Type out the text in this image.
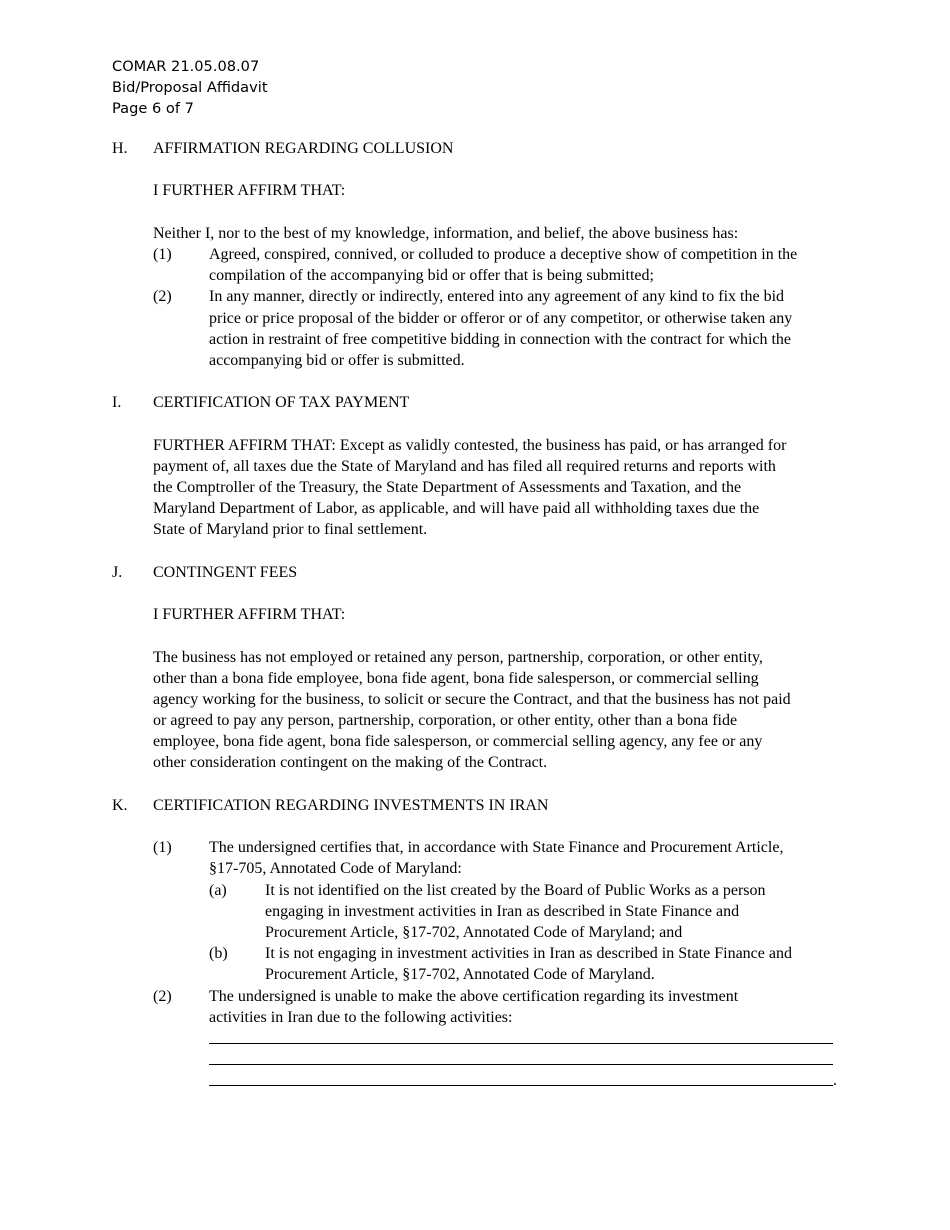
COMAR 21.05.08.07
Bid/Proposal Affidavit
Page 6 of 7
H.	AFFIRMATION REGARDING COLLUSION
I FURTHER AFFIRM THAT:
Neither I, nor to the best of my knowledge, information, and belief, the above business has:
(1)	Agreed, conspired, connived, or colluded to produce a deceptive show of competition in the
compilation of the accompanying bid or offer that is being submitted;
(2)	In any manner, directly or indirectly, entered into any agreement of any kind to fix the bid
price or price proposal of the bidder or offeror or of any competitor, or otherwise taken any
action in restraint of free competitive bidding in connection with the contract for which the
accompanying bid or offer is submitted.
I.	CERTIFICATION OF TAX PAYMENT
FURTHER AFFIRM THAT: Except as validly contested, the business has paid, or has arranged for
payment of, all taxes due the State of Maryland and has filed all required returns and reports with
the Comptroller of the Treasury, the State Department of Assessments and Taxation, and the
Maryland Department of Labor, as applicable, and will have paid all withholding taxes due the
State of Maryland prior to final settlement.
J.	CONTINGENT FEES
I FURTHER AFFIRM THAT:
The business has not employed or retained any person, partnership, corporation, or other entity,
other than a bona fide employee, bona fide agent, bona fide salesperson, or commercial selling
agency working for the business, to solicit or secure the Contract, and that the business has not paid
or agreed to pay any person, partnership, corporation, or other entity, other than a bona fide
employee, bona fide agent, bona fide salesperson, or commercial selling agency, any fee or any
other consideration contingent on the making of the Contract.
K.	CERTIFICATION REGARDING INVESTMENTS IN IRAN
(1)	The undersigned certifies that, in accordance with State Finance and Procurement Article,
§17-705, Annotated Code of Maryland:
(a)	It is not identified on the list created by the Board of Public Works as a person
engaging in investment activities in Iran as described in State Finance and
Procurement Article, §17-702, Annotated Code of Maryland; and
(b)	It is not engaging in investment activities in Iran as described in State Finance and
Procurement Article, §17-702, Annotated Code of Maryland.
(2)	The undersigned is unable to make the above certification regarding its investment
activities in Iran due to the following activities:
.
